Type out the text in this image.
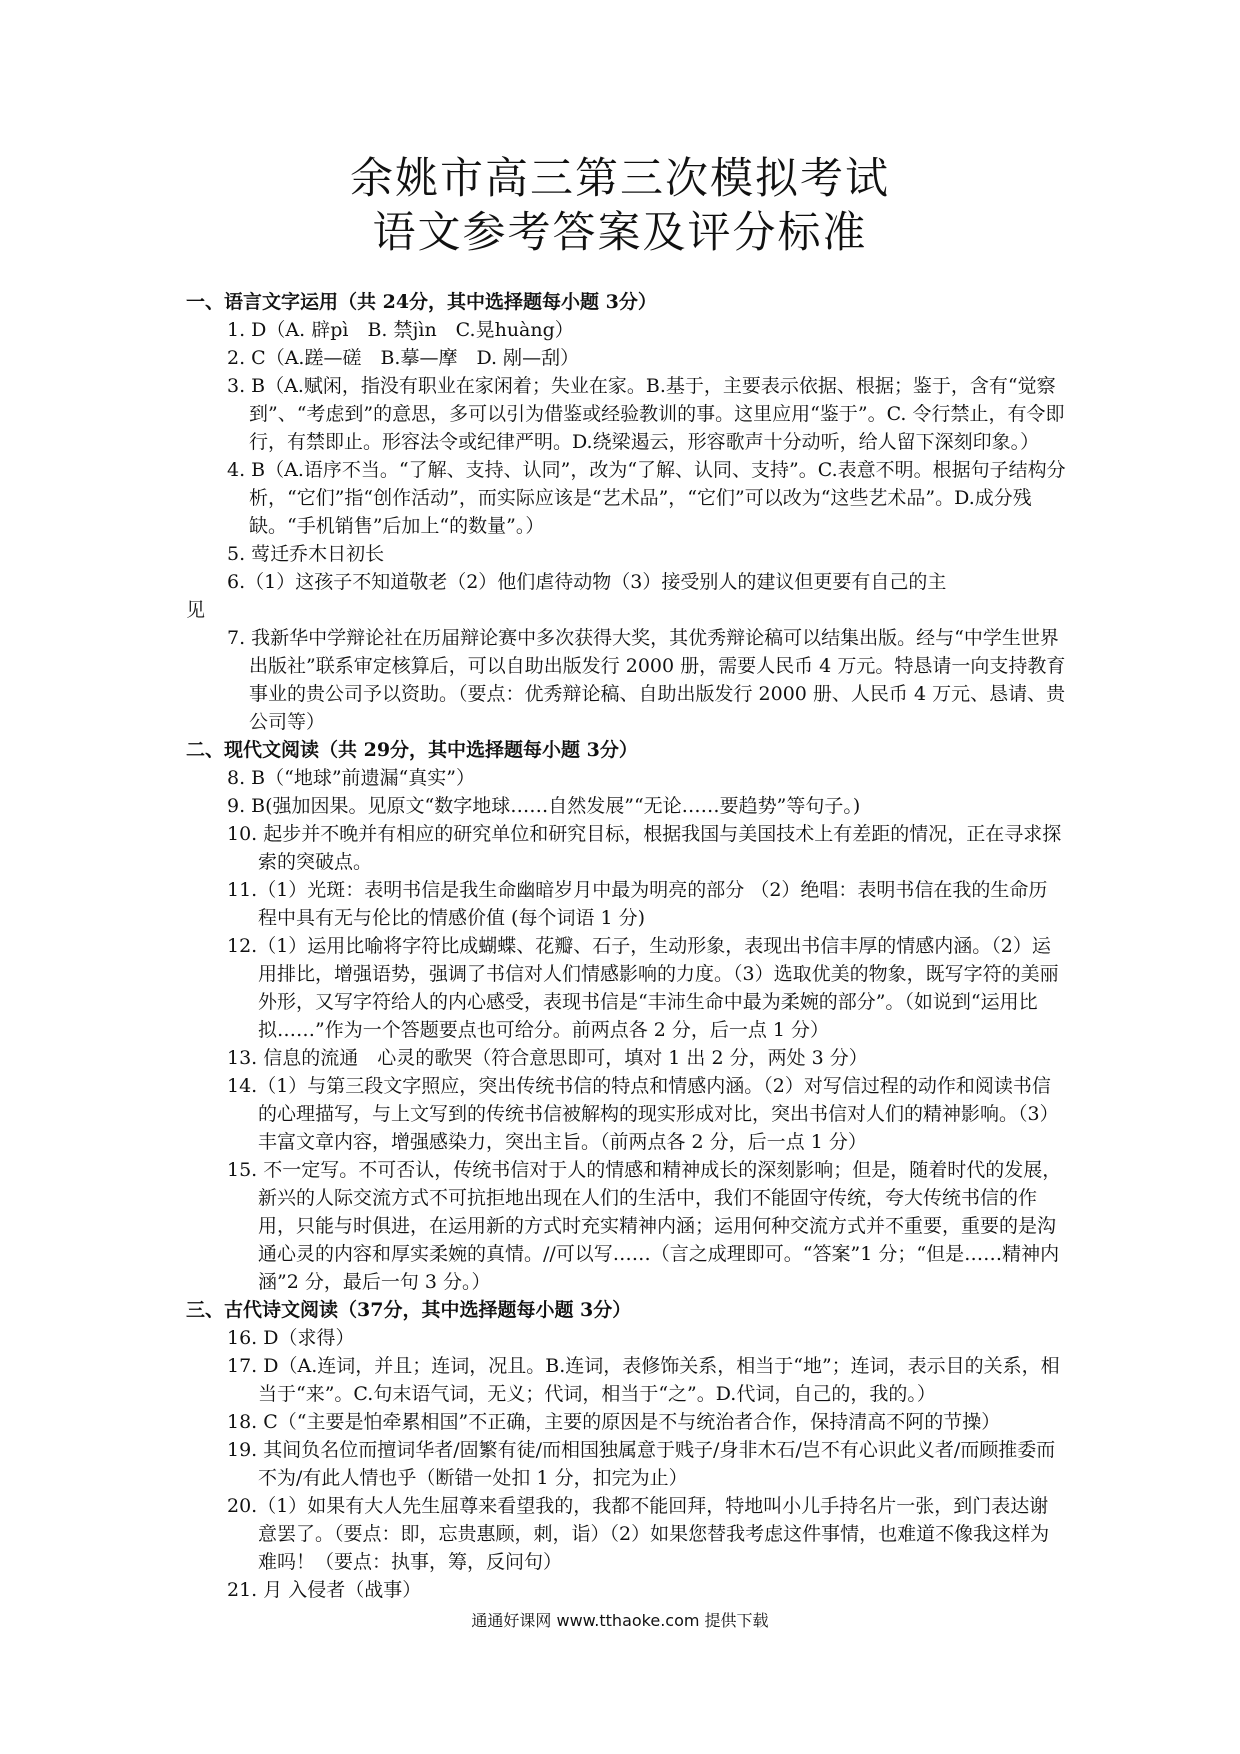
余姚市高三第三次模拟考试
语文参考答案及评分标准
一、语言文字运用（共 24分，其中选择题每小题 3分）
1. D（A. 辟pì　B. 禁jìn　C.晃huàng）
2. C（A.蹉—磋　B.摹—摩　D. 剐—刮）
3. B（A.赋闲，指没有职业在家闲着；失业在家。B.基于，主要表示依据、根据；鉴于，含有“觉察到”、“考虑到”的意思，多可以引为借鉴或经验教训的事。这里应用“鉴于”。C. 令行禁止，有令即行，有禁即止。形容法令或纪律严明。D.绕梁遏云，形容歌声十分动听，给人留下深刻印象。）
4. B（A.语序不当。“了解、支持、认同”，改为“了解、认同、支持”。C.表意不明。根据句子结构分析，“它们”指“创作活动”，而实际应该是“艺术品”，“它们”可以改为“这些艺术品”。D.成分残缺。“手机销售”后加上“的数量”。）
5. 莺迁乔木日初长
6.（1）这孩子不知道敬老（2）他们虐待动物（3）接受别人的建议但更要有自己的主
见
7. 我新华中学辩论社在历届辩论赛中多次获得大奖，其优秀辩论稿可以结集出版。经与“中学生世界出版社”联系审定核算后，可以自助出版发行 2000 册，需要人民币 4 万元。特恳请一向支持教育事业的贵公司予以资助。（要点：优秀辩论稿、自助出版发行 2000 册、人民币 4 万元、恳请、贵公司等）
二、现代文阅读（共 29分，其中选择题每小题 3分）
8. B（“地球”前遗漏“真实”）
9. B(强加因果。见原文“数字地球……自然发展”“无论……要趋势”等句子。)
10. 起步并不晚并有相应的研究单位和研究目标，根据我国与美国技术上有差距的情况，正在寻求探索的突破点。
11.（1）光斑：表明书信是我生命幽暗岁月中最为明亮的部分 （2）绝唱：表明书信在我的生命历程中具有无与伦比的情感价值 (每个词语 1 分)
12.（1）运用比喻将字符比成蝴蝶、花瓣、石子，生动形象，表现出书信丰厚的情感内涵。（2）运用排比，增强语势，强调了书信对人们情感影响的力度。（3）选取优美的物象，既写字符的美丽外形，又写字符给人的内心感受，表现书信是“丰沛生命中最为柔婉的部分”。（如说到“运用比拟……”作为一个答题要点也可给分。前两点各 2 分，后一点 1 分）
13. 信息的流通　心灵的歌哭（符合意思即可，填对 1 出 2 分，两处 3 分）
14.（1）与第三段文字照应，突出传统书信的特点和情感内涵。（2）对写信过程的动作和阅读书信的心理描写，与上文写到的传统书信被解构的现实形成对比，突出书信对人们的精神影响。（3）丰富文章内容，增强感染力，突出主旨。（前两点各 2 分，后一点 1 分）
15. 不一定写。不可否认，传统书信对于人的情感和精神成长的深刻影响；但是，随着时代的发展，新兴的人际交流方式不可抗拒地出现在人们的生活中，我们不能固守传统，夸大传统书信的作用，只能与时俱进，在运用新的方式时充实精神内涵；运用何种交流方式并不重要，重要的是沟通心灵的内容和厚实柔婉的真情。//可以写……（言之成理即可。“答案”1 分；“但是……精神内涵”2 分，最后一句 3 分。）
三、古代诗文阅读（37分，其中选择题每小题 3分）
16. D（求得）
17. D（A.连词，并且；连词，况且。B.连词，表修饰关系，相当于“地”；连词，表示目的关系，相当于“来”。C.句末语气词，无义；代词，相当于“之”。D.代词，自己的，我的。）
18. C（“主要是怕牵累相国”不正确，主要的原因是不与统治者合作，保持清高不阿的节操）
19. 其间负名位而擅词华者/固繁有徒/而相国独属意于贱子/身非木石/岂不有心识此义者/而顾推委而不为/有此人情也乎（断错一处扣 1 分，扣完为止）
20.（1）如果有大人先生屈尊来看望我的，我都不能回拜，特地叫小儿手持名片一张，到门表达谢意罢了。（要点：即，忘贵惠顾，刺，诣）（2）如果您替我考虑这件事情，也难道不像我这样为难吗！（要点：执事，筹，反问句）
21. 月 入侵者（战事）
通通好课网 www.tthaoke.com 提供下载
